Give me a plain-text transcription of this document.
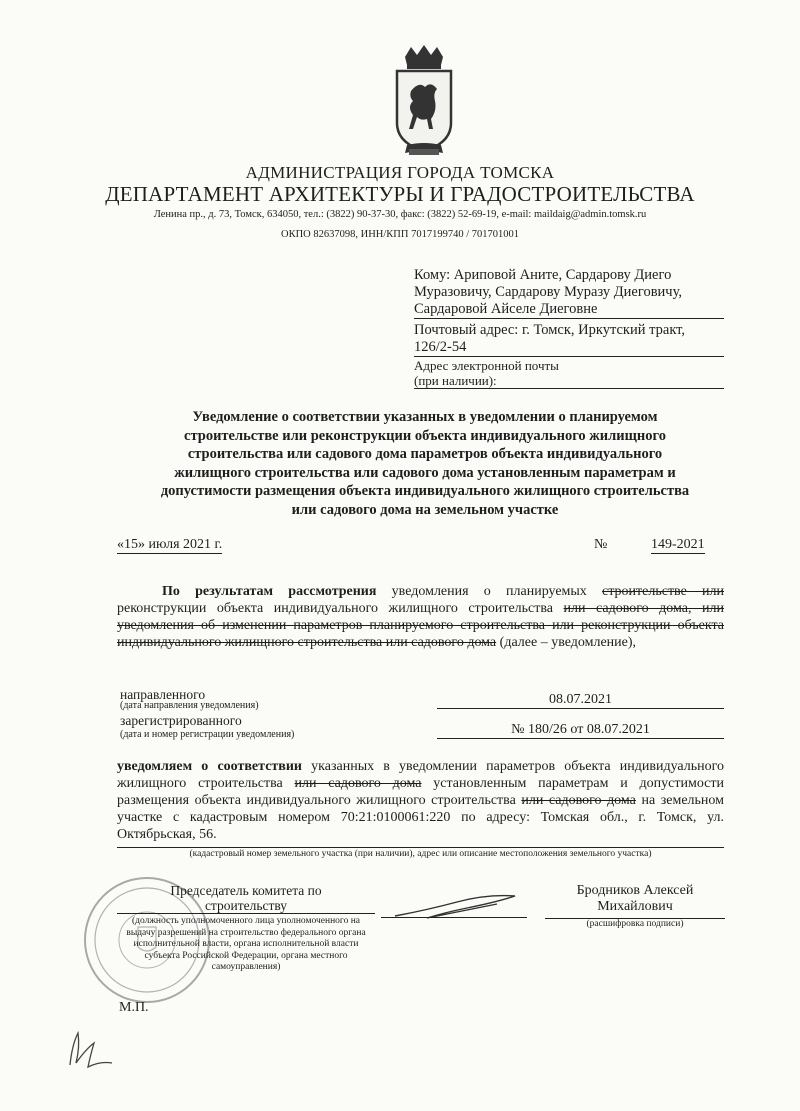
АДМИНИСТРАЦИЯ ГОРОДА ТОМСКА
ДЕПАРТАМЕНТ АРХИТЕКТУРЫ И ГРАДОСТРОИТЕЛЬСТВА
Ленина пр., д. 73, Томск, 634050, тел.: (3822) 90-37-30, факс: (3822) 52-69-19, e-mail: maildaig@admin.tomsk.ru
ОКПО 82637098, ИНН/КПП 7017199740 / 701701001
Кому: Ариповой Аните, Сардарову Диего
Муразовичу, Сардарову Муразу Диеговичу,
Сардаровой Айселе Диеговне
Почтовый адрес: г. Томск, Иркутский тракт,
126/2-54
Адрес электронной почты
(при наличии):
Уведомление о соответствии указанных в уведомлении о планируемом
строительстве или реконструкции объекта индивидуального жилищного
строительства или садового дома параметров объекта индивидуального
жилищного строительства или садового дома установленным параметрам и
допустимости размещения объекта индивидуального жилищного строительства
или садового дома на земельном участке
«15» июля 2021 г.	№	149-2021
По результатам рассмотрения уведомления о планируемых строительстве или реконструкции объекта индивидуального жилищного строительства или садового дома, или уведомления об изменении параметров планируемого строительства или реконструкции объекта индивидуального жилищного строительства или садового дома (далее – уведомление),
направленного
(дата направления уведомления)	08.07.2021
зарегистрированного
(дата и номер регистрации уведомления)	№ 180/26 от 08.07.2021
уведомляем о соответствии указанных в уведомлении параметров объекта индивидуального жилищного строительства или садового дома установленным параметрам и допустимости размещения объекта индивидуального жилищного строительства или садового дома на земельном участке с кадастровым номером 70:21:0100061:220 по адресу: Томская обл., г. Томск, ул. Октябрьская, 56.
(кадастровый номер земельного участка (при наличии), адрес или описание местоположения земельного участка)
Председатель комитета по
строительству
(должность уполномоченного лица уполномоченного на выдачу разрешений на строительство федерального органа исполнительной власти, органа исполнительной власти субъекта Российской Федерации, органа местного самоуправления)
Бродников Алексей
Михайлович
(расшифровка подписи)
М.П.
